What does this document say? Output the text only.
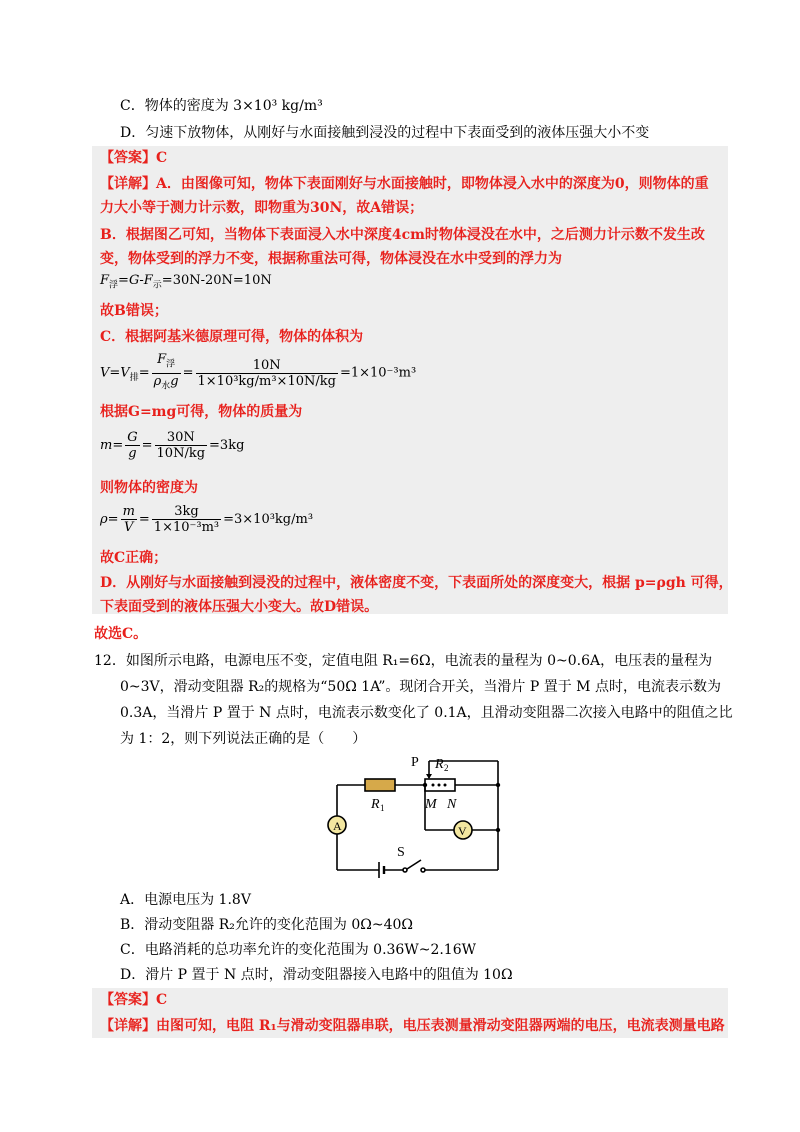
C．物体的密度为 3×10³ kg/m³
D．匀速下放物体，从刚好与水面接触到浸没的过程中下表面受到的液体压强大小不变
【答案】C
【详解】A．由图像可知，物体下表面刚好与水面接触时，即物体浸入水中的深度为0，则物体的重
力大小等于测力计示数，即物重为30N，故A错误；
B．根据图乙可知，当物体下表面浸入水中深度4cm时物体浸没在水中，之后测力计示数不发生改
变，物体受到的浮力不变，根据称重法可得，物体浸没在水中受到的浮力为
$F_浮=G-F_示=30N-20N=10N$
故B错误；
C．根据阿基米德原理可得，物体的体积为
$V=V_排= \frac{F_浮}{\rho_水g} = \frac{10N}{\text{1×10³kg/m³×10N/kg}} =1\times 10^{-3}m^3$
根据G=mg可得，物体的质量为
$m= \frac{G}{g} = \frac{30N}{10N/kg} =3kg$
则物体的密度为
$\rho= \frac{m}{V} = \frac{3kg}{\text{1×10⁻³m³}} =3\times 10^3kg/m^3$
故C正确；
D．从刚好与水面接触到浸没的过程中，液体密度不变，下表面所处的深度变大，根据 p=ρgh 可得，
下表面受到的液体压强大小变大。故D错误。
故选C。
12．如图所示电路，电源电压不变，定值电阻 R₁=6Ω，电流表的量程为 0~0.6A，电压表的量程为
0~3V，滑动变阻器 R₂的规格为“50Ω 1A”。现闭合开关，当滑片 P 置于 M 点时，电流表示数为
0.3A，当滑片 P 置于 N 点时，电流表示数变化了 0.1A，且滑动变阻器二次接入电路中的阻值之比
为 1：2，则下列说法正确的是（　　）
P R 2
R 1	M N
A	V
S
A．电源电压为 1.8V
B．滑动变阻器 R₂允许的变化范围为 0Ω~40Ω
C．电路消耗的总功率允许的变化范围为 0.36W~2.16W
D．滑片 P 置于 N 点时，滑动变阻器接入电路中的阻值为 10Ω
【答案】C
【详解】由图可知，电阻 R₁与滑动变阻器串联，电压表测量滑动变阻器两端的电压，电流表测量电路
